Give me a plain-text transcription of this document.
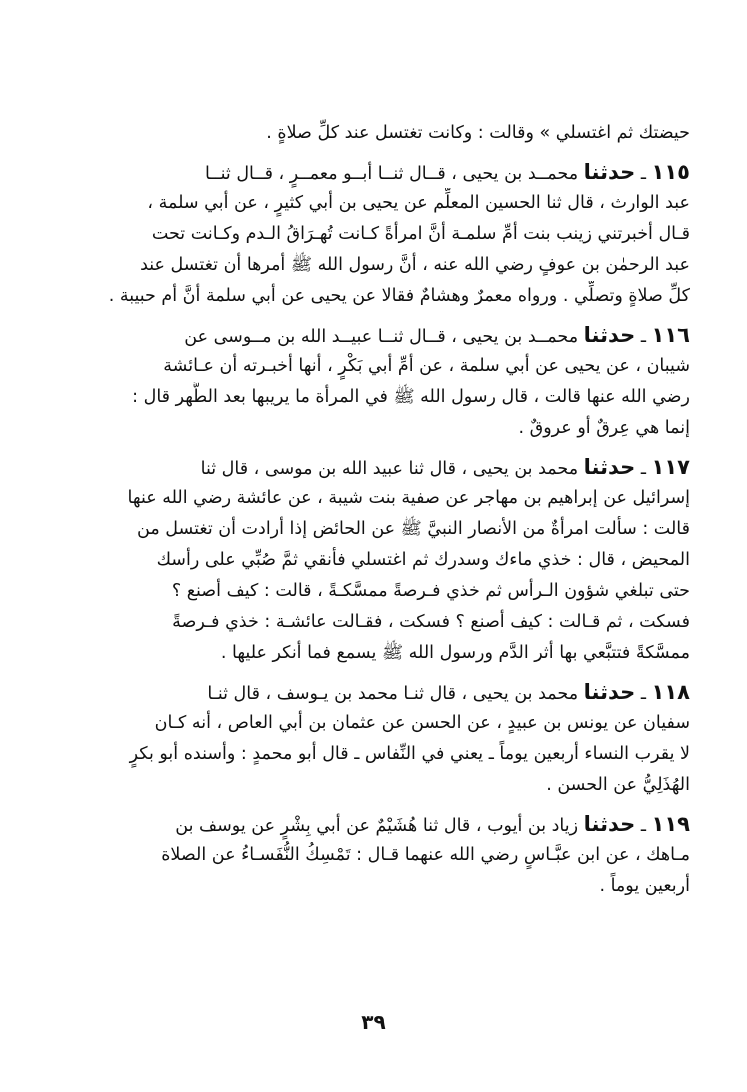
حيضتك ثم اغتسلي » وقالت : وكانت تغتسل عند كلِّ صلاةٍ .
١١٥ ـ حدثنا محمــد بن يحيى ، قــال ثنــا أبــو معمــرٍ ، قــال ثنــا
عبد الوارث ، قال ثنا الحسين المعلِّم عن يحيى بن أبي كثيرٍ ، عن أبي سلمة ،
قـال أخبرتني زينب بنت أمِّ سلمـة أنَّ امرأةً كـانت تُهـرَاقُ الـدم وكـانت تحت
عبد الرحمٰن بن عوفٍ رضي الله عنه ، أنَّ رسول الله ﷺ أمرها أن تغتسل عند
كلِّ صلاةٍ وتصلِّي . ورواه معمرٌ وهشامٌ فقالا عن يحيى عن أبي سلمة أنَّ أم حبيبة .
١١٦ ـ حدثنا محمــد بن يحيى ، قــال ثنــا عبيــد الله بن مــوسى عن
شيبان ، عن يحيى عن أبي سلمة ، عن أمِّ أبي بَكْرٍ ، أنها أخبـرته أن عـائشة
رضي الله عنها قالت ، قال رسول الله ﷺ في المرأة ما يريبها بعد الطُّهر قال :
إنما هي عِرقٌ أو عروقٌ .
١١٧ ـ حدثنا محمد بن يحيى ، قال ثنا عبيد الله بن موسى ، قال ثنا
إسرائيل عن إبراهيم بن مهاجر عن صفية بنت شيبة ، عن عائشة رضي الله عنها
قالت : سألت امرأةٌ من الأنصار النبيَّ ﷺ عن الحائض إذا أرادت أن تغتسل من
المحيض ، قال : خذي ماءك وسدرك ثم اغتسلي فأنقي ثمَّ صُبِّي على رأسك
حتى تبلغي شؤون الـرأس ثم خذي فـرصةً ممسَّكـةً ، قالت : كيف أصنع ؟
فسكت ، ثم قـالت : كيف أصنع ؟ فسكت ، فقـالت عائشـة : خذي فـرصةً
ممسَّكةً فتتبَّعي بها أثر الدَّم ورسول الله ﷺ يسمع فما أنكر عليها .
١١٨ ـ حدثنا محمد بن يحيى ، قال ثنـا محمد بن يـوسف ، قال ثنـا
سفيان عن يونس بن عبيدٍ ، عن الحسن عن عثمان بن أبي العاص ، أنه كـان
لا يقرب النساء أربعين يوماً ـ يعني في النِّفاس ـ قال أبو محمدٍ : وأسنده أبو بكرٍ
الهُذَلِيُّ عن الحسن .
١١٩ ـ حدثنا زياد بن أيوب ، قال ثنا هُشَيْمٌ عن أبي بِشْرٍ عن يوسف بن
مـاهك ، عن ابن عبَّـاسٍ رضي الله عنهما قـال : تَمْسِكُ النُّفَسـاءُ عن الصلاة
أربعين يوماً .
٣٩
